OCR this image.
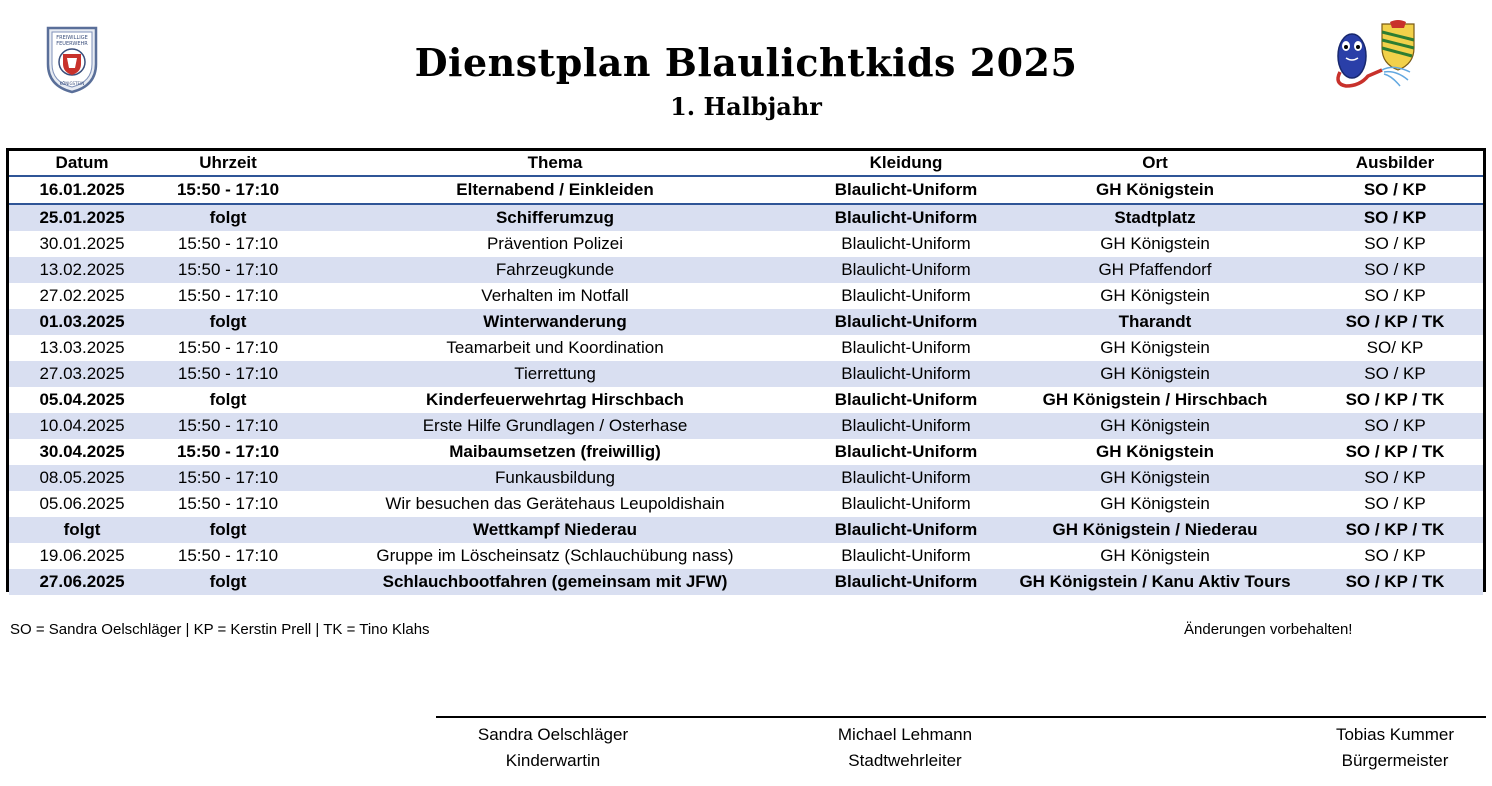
FREIWILLIGE
FEUERWEHR
KÖNIGSTEIN	Dienstplan Blaulichtkids 2025
1. Halbjahr
Datum	Uhrzeit	Thema	Kleidung	Ort	Ausbilder
16.01.2025	15:50 - 17:10	Elternabend / Einkleiden	Blaulicht-Uniform	GH Königstein	SO / KP
25.01.2025	folgt	Schifferumzug	Blaulicht-Uniform	Stadtplatz	SO / KP
30.01.2025	15:50 - 17:10	Prävention Polizei	Blaulicht-Uniform	GH Königstein	SO / KP
13.02.2025	15:50 - 17:10	Fahrzeugkunde	Blaulicht-Uniform	GH Pfaffendorf	SO / KP
27.02.2025	15:50 - 17:10	Verhalten im Notfall	Blaulicht-Uniform	GH Königstein	SO / KP
01.03.2025	folgt	Winterwanderung	Blaulicht-Uniform	Tharandt	SO / KP / TK
13.03.2025	15:50 - 17:10	Teamarbeit und Koordination	Blaulicht-Uniform	GH Königstein	SO/ KP
27.03.2025	15:50 - 17:10	Tierrettung	Blaulicht-Uniform	GH Königstein	SO / KP
05.04.2025	folgt	Kinderfeuerwehrtag Hirschbach	Blaulicht-Uniform	GH Königstein / Hirschbach	SO / KP / TK
10.04.2025	15:50 - 17:10	Erste Hilfe Grundlagen / Osterhase	Blaulicht-Uniform	GH Königstein	SO / KP
30.04.2025	15:50 - 17:10	Maibaumsetzen (freiwillig)	Blaulicht-Uniform	GH Königstein	SO / KP / TK
08.05.2025	15:50 - 17:10	Funkausbildung	Blaulicht-Uniform	GH Königstein	SO / KP
05.06.2025	15:50 - 17:10	Wir besuchen das Gerätehaus Leupoldishain	Blaulicht-Uniform	GH Königstein	SO / KP
folgt	folgt	Wettkampf Niederau	Blaulicht-Uniform	GH Königstein / Niederau	SO / KP / TK
19.06.2025	15:50 - 17:10	Gruppe im Löscheinsatz (Schlauchübung nass)	Blaulicht-Uniform	GH Königstein	SO / KP
27.06.2025	folgt	Schlauchbootfahren (gemeinsam mit JFW)	Blaulicht-Uniform	GH Königstein / Kanu Aktiv Tours	SO / KP / TK
SO = Sandra Oelschläger | KP = Kerstin Prell | TK = Tino Klahs	Änderungen vorbehalten!
Sandra Oelschläger
Kinderwartin
Michael Lehmann
Stadtwehrleiter
Tobias Kummer
Bürgermeister
